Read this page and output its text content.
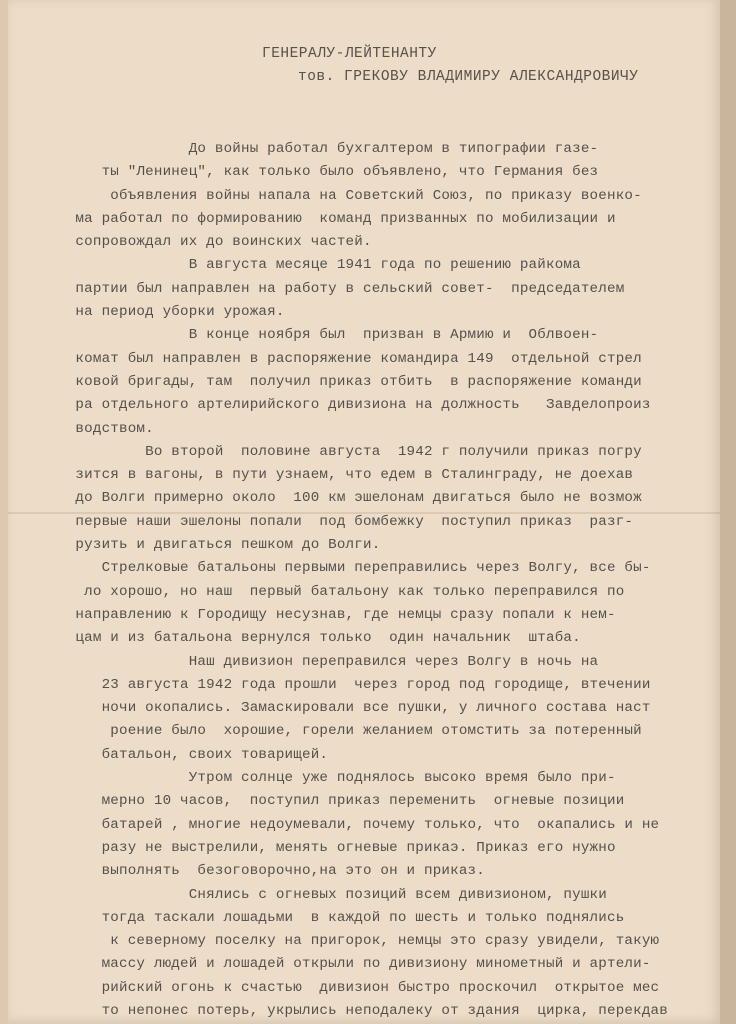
ГЕНЕРАЛУ-ЛЕЙТЕНАНТУ
тов. ГРЕКОВУ ВЛАДИМИРУ АЛЕКСАНДРОВИЧУ
До войны работал бухгалтером в типографии газе-
ты "Ленинец", как только было объявлено, что Германия без
объявления войны напала на Советский Союз, по приказу военко-
ма работал по формированию  команд призванных по мобилизации и
сопровождал их до воинских частей.
В августа месяце 1941 года по решению райкома
партии был направлен на работу в сельский совет-  председателем
на период уборки урожая.
В конце ноября был  призван в Армию и  Облвоен-
комат был направлен в распоряжение командира 149  отдельной стрел
ковой бригады, там  получил приказ отбить  в распоряжение команди
ра отдельного артелирийского дивизиона на должность   Завделопроиз
водством.
Во второй  половине августа  1942 г получили приказ погру
зится в вагоны, в пути узнаем, что едем в Сталинграду, не доехав
до Волги примерно около  100 км эшелонам двигаться было не возмож
первые наши эшелоны попали  под бомбежку  поступил приказ  разг-
рузить и двигаться пешком до Волги.
Стрелковые батальоны первыми переправились через Волгу, все бы-
ло хорошо, но наш  первый батальону как только переправился по
направлению к Городищу несузнав, где немцы сразу попали к нем-
цам и из батальона вернулся только  один начальник  штаба.
Наш дивизион переправился через Волгу в ночь на
23 августа 1942 года прошли  через город под городище, втечении
ночи окопались. Замаскировали все пушки, у личного состава наст
роение было  хорошие, горели желанием отомстить за потеренный
батальон, своих товарищей.
Утром солнце уже поднялось высоко время было при-
мерно 10 часов,  поступил приказ переменить  огневые позиции
батарей , многие недоумевали, почему только, что  окапались и не
разу не выстрелили, менять огневые прикаэ. Приказ его нужно
выполнять  безоговорочно,на это он и приказ.
Снялись с огневых позиций всем дивизионом, пушки
тогда таскали лошадьми  в каждой по шесть и только поднялись
к северному поселку на пригорок, немцы это сразу увидели, такую
массу людей и лошадей открыли по дивизиону минометный и артели-
рийский огонь к счастью  дивизион быстро проскочил  открытое мес
то непонес потерь, укрылись неподалеку от здания  цирка, перекдав
